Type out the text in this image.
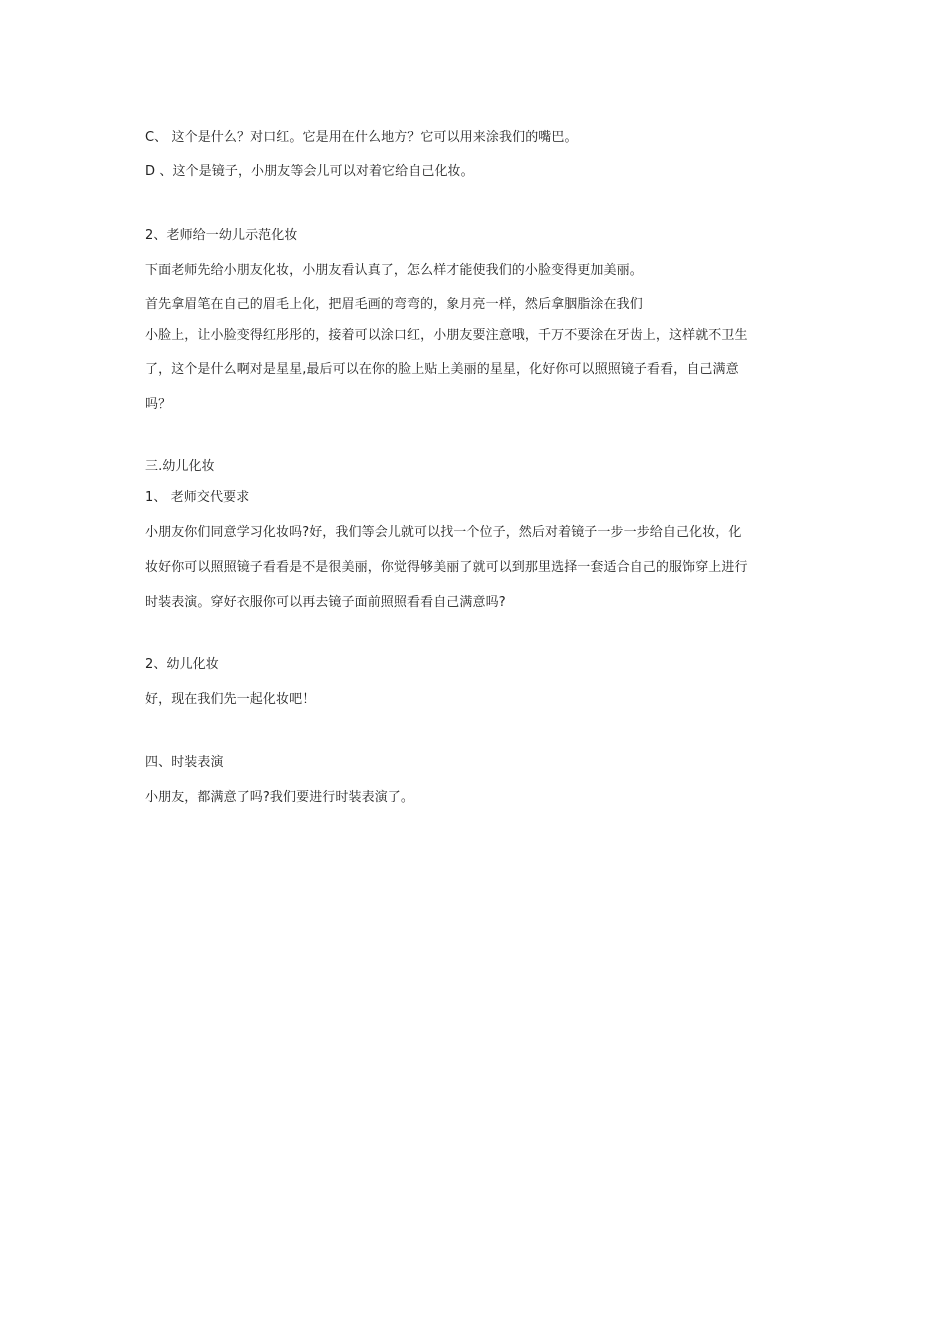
C、 这个是什么？对口红。它是用在什么地方？它可以用来涂我们的嘴巴。
D 、这个是镜子，小朋友等会儿可以对着它给自己化妆。
2、老师给一幼儿示范化妆
下面老师先给小朋友化妆，小朋友看认真了，怎么样才能使我们的小脸变得更加美丽。
首先拿眉笔在自己的眉毛上化，把眉毛画的弯弯的，象月亮一样，然后拿胭脂涂在我们
小脸上，让小脸变得红彤彤的，接着可以涂口红，小朋友要注意哦，千万不要涂在牙齿上，这样就不卫生
了，这个是什么啊对是星星,最后可以在你的脸上贴上美丽的星星，化好你可以照照镜子看看，自己满意
吗？
三.幼儿化妆
1、 老师交代要求
小朋友你们同意学习化妆吗?好，我们等会儿就可以找一个位子，然后对着镜子一步一步给自己化妆，化
妆好你可以照照镜子看看是不是很美丽，你觉得够美丽了就可以到那里选择一套适合自己的服饰穿上进行
时装表演。穿好衣服你可以再去镜子面前照照看看自己满意吗?
2、幼儿化妆
好，现在我们先一起化妆吧！
四、时装表演
小朋友，都满意了吗?我们要进行时装表演了。
